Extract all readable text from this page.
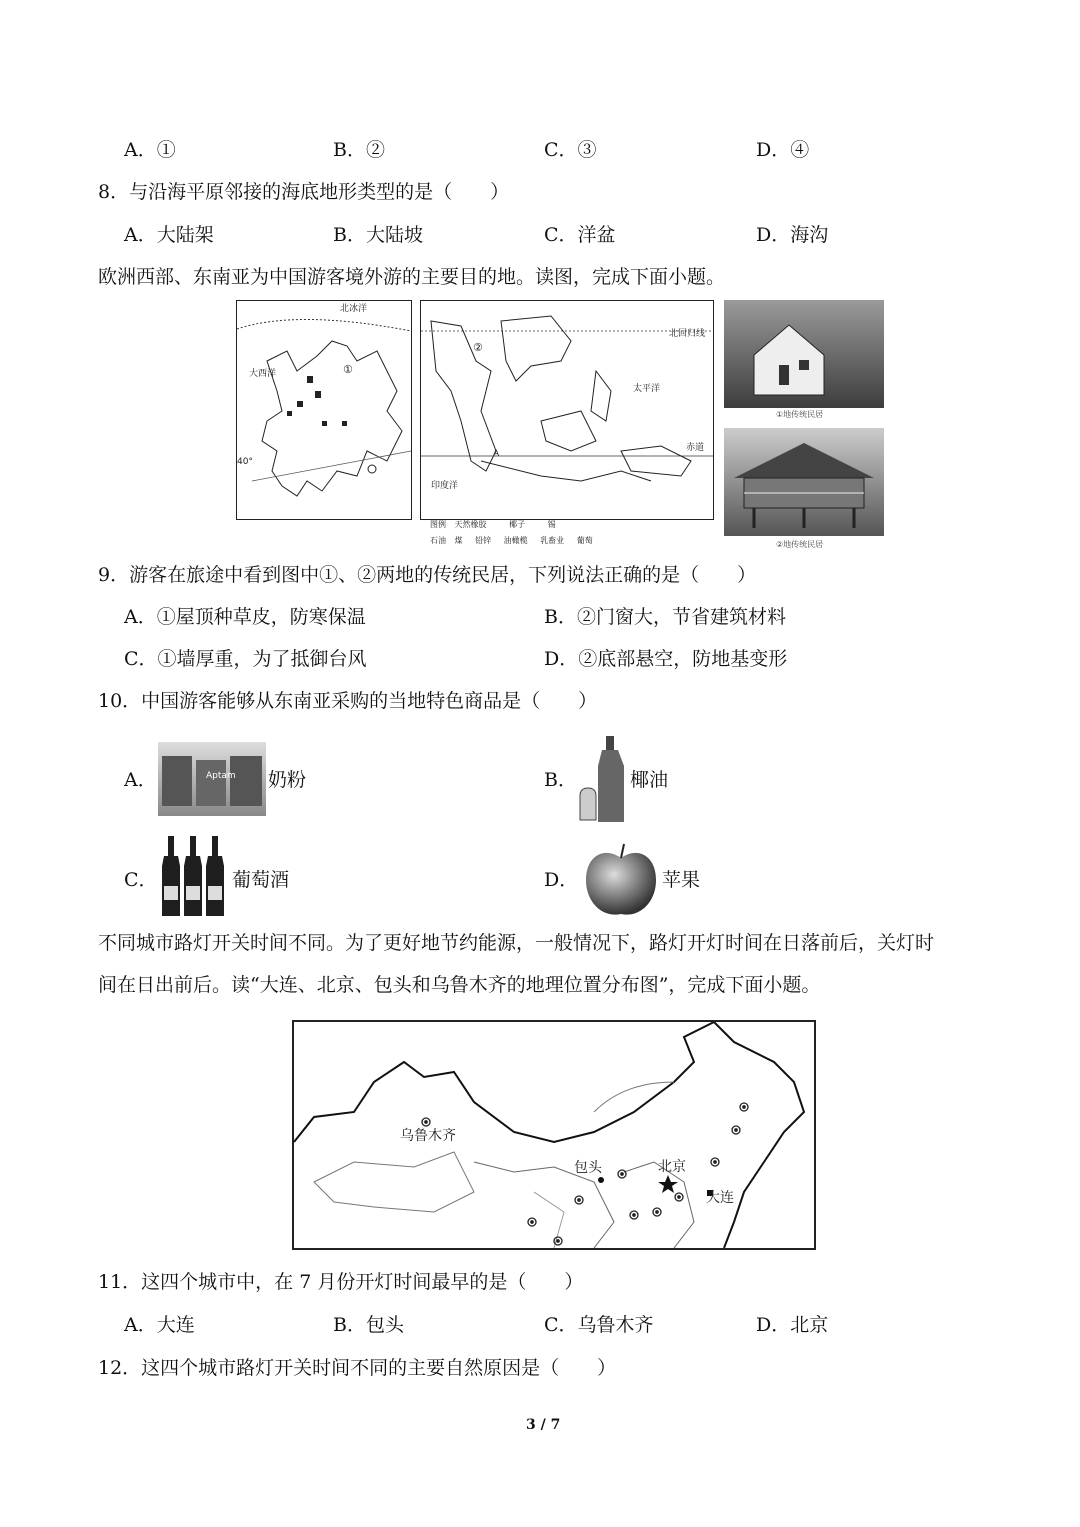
A．①	B．②	C．③	D．④
8．与沿海平原邻接的海底地形类型的是（　　）
A．大陆架	B．大陆坡	C．洋盆	D．海沟
欧洲西部、东南亚为中国游客境外游的主要目的地。读图，完成下面小题。
北冰洋
大西洋
40°
①
北回归线
太平洋
赤道
印度洋
②
A
图例 天然橡胶	椰子	锡
石油 煤 铅锌 油橄榄 乳畜业 葡萄
①地传统民居
②地传统民居
9．游客在旅途中看到图中①、②两地的传统民居，下列说法正确的是（　　）
A．①屋顶种草皮，防寒保温	B．②门窗大，节省建筑材料
C．①墙厚重，为了抵御台风	D．②底部悬空，防地基变形
10．中国游客能够从东南亚采购的当地特色商品是（　　）
A．	Aptam 奶粉	B．	椰油
C．	葡萄酒	D．	苹果
不同城市路灯开关时间不同。为了更好地节约能源，一般情况下，路灯开灯时间在日落前后，关灯时
间在日出前后。读“大连、北京、包头和乌鲁木齐的地理位置分布图”，完成下面小题。
乌鲁木齐
包头	北京
大连
11．这四个城市中，在 7 月份开灯时间最早的是（　　）
A．大连	B．包头	C．乌鲁木齐	D．北京
12．这四个城市路灯开关时间不同的主要自然原因是（　　）
3 / 7
